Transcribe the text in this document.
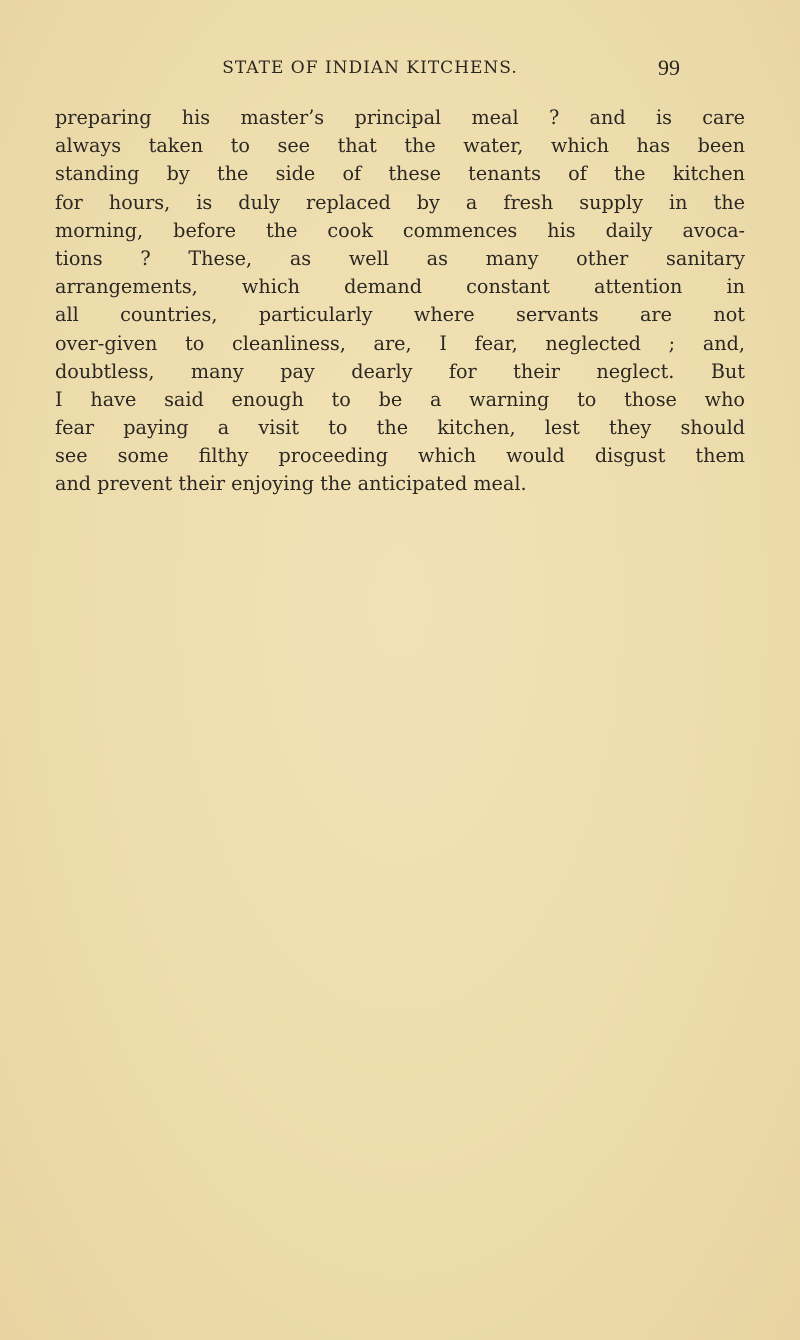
STATE OF INDIAN KITCHENS.	99
preparing his master’s principal meal ? and is care
always taken to see that the water, which has been
standing by the side of these tenants of the kitchen
for hours, is duly replaced by a fresh supply in the
morning, before the cook commences his daily avoca-
tions ? These, as well as many other sanitary
arrangements, which demand constant attention in
all countries, particularly where servants are not
over-given to cleanliness, are, I fear, neglected ; and,
doubtless, many pay dearly for their neglect. But
I have said enough to be a warning to those who
fear paying a visit to the kitchen, lest they should
see some filthy proceeding which would disgust them
and prevent their enjoying the anticipated meal.
